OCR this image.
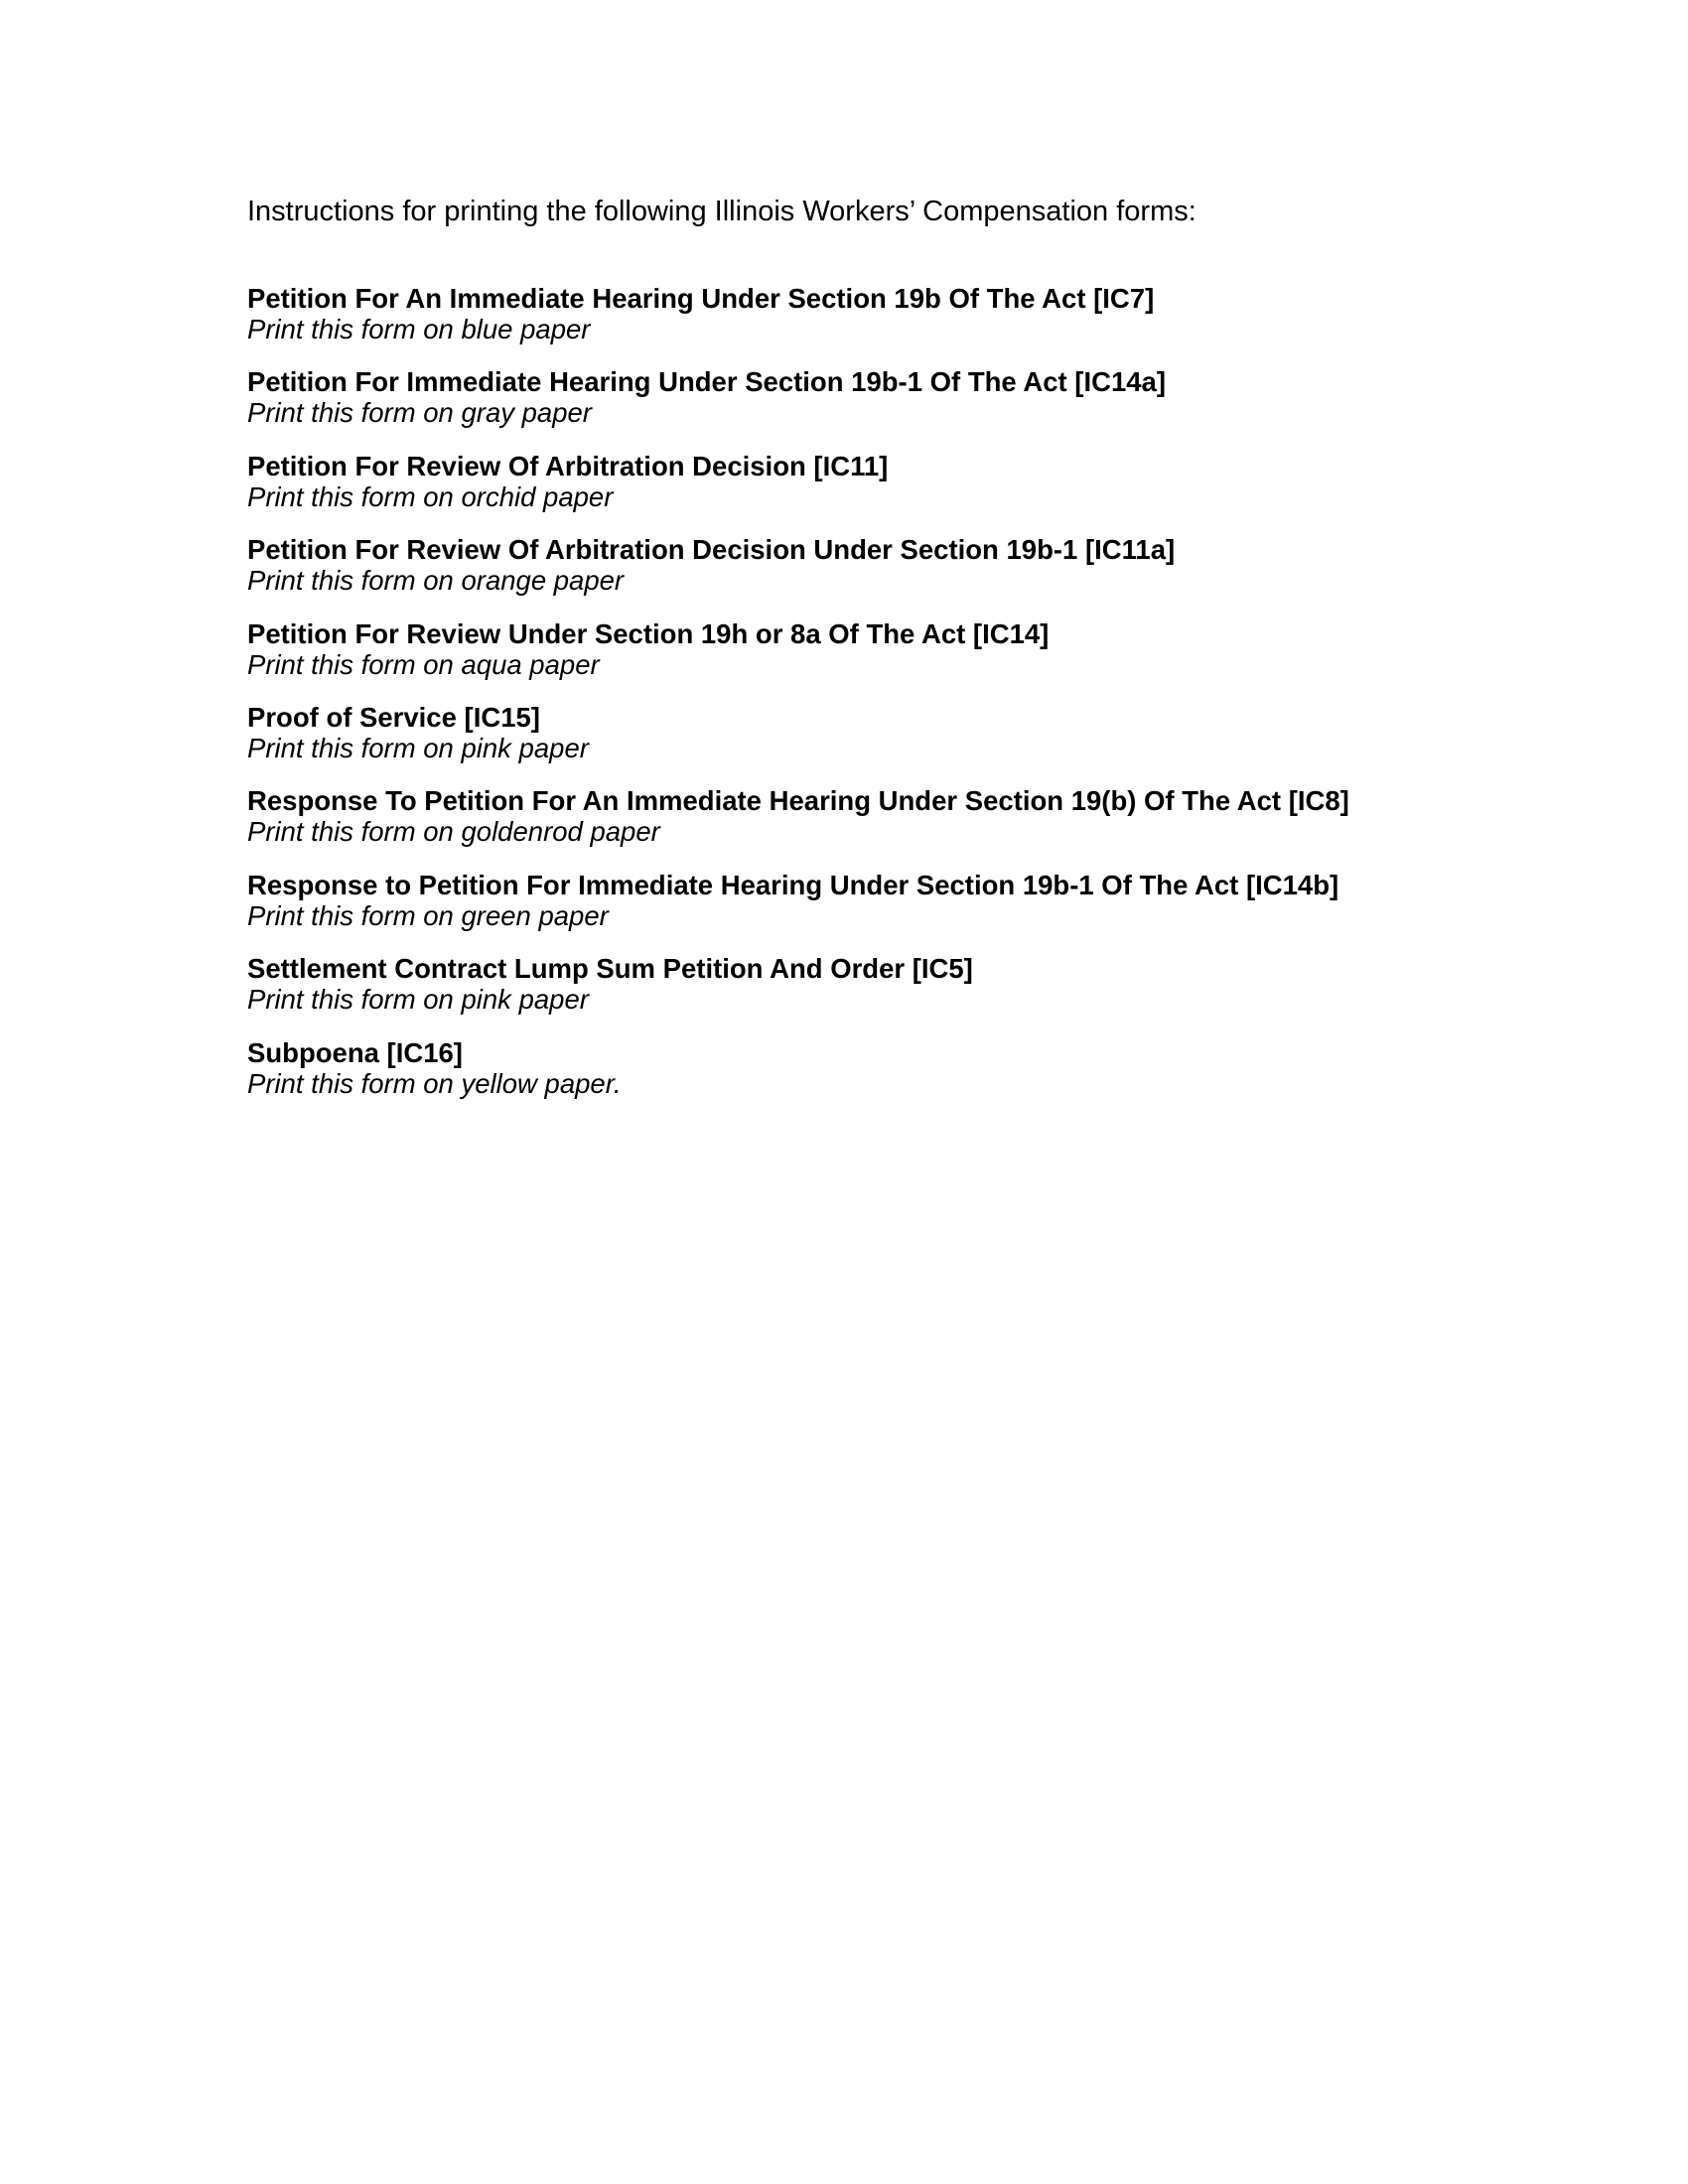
Instructions for printing the following Illinois Workers’ Compensation forms:

Petition For An Immediate Hearing Under Section 19b Of The Act [IC7]
Print this form on blue paper
Petition For Immediate Hearing Under Section 19b-1 Of The Act [IC14a]
Print this form on gray paper
Petition For Review Of Arbitration Decision [IC11]
Print this form on orchid paper
Petition For Review Of Arbitration Decision Under Section 19b-1 [IC11a]
Print this form on orange paper
Petition For Review Under Section 19h or 8a Of The Act [IC14]
Print this form on aqua paper
Proof of Service [IC15]
Print this form on pink paper
Response To Petition For An Immediate Hearing Under Section 19(b) Of The Act [IC8]
Print this form on goldenrod paper
Response to Petition For Immediate Hearing Under Section 19b-1 Of The Act [IC14b]
Print this form on green paper
Settlement Contract Lump Sum Petition And Order [IC5]
Print this form on pink paper
Subpoena [IC16]
Print this form on yellow paper.
